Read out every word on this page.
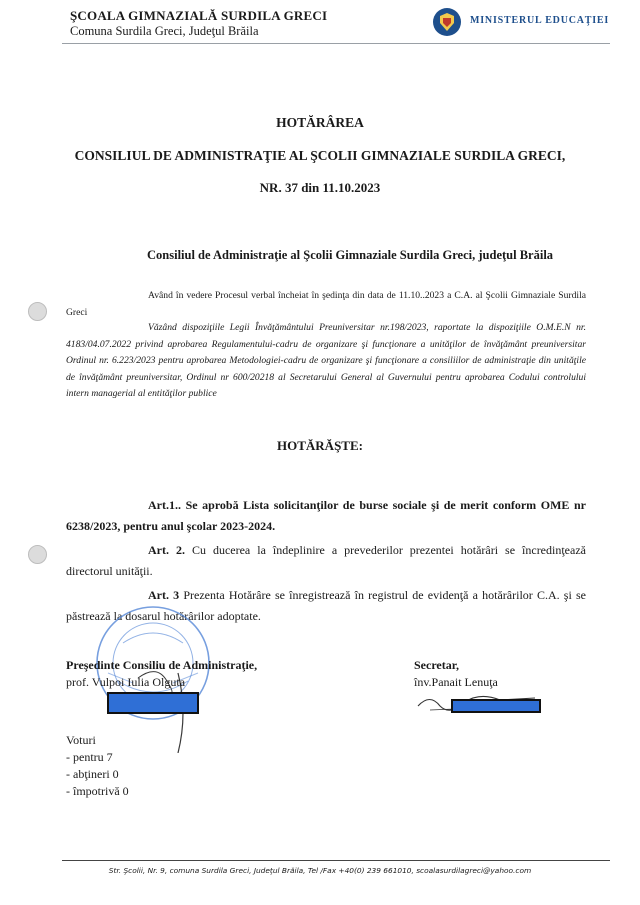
ŞCOALA GIMNAZIALĂ SURDILA GRECI
Comuna Surdila Greci, Judeţul Brăila
MINISTERUL EDUCAŢIEI
HOTĂRÂREA
CONSILIUL DE ADMINISTRAŢIE AL ŞCOLII GIMNAZIALE SURDILA GRECI,
NR. 37 din 11.10.2023
Consiliul de Administraţie al Şcolii Gimnaziale Surdila Greci, judeţul Brăila
Având în vedere Procesul verbal încheiat în şedinţa din data de 11.10..2023 a C.A. al Şcolii Gimnaziale Surdila Greci
Văzând dispoziţiile Legii Învăţământului Preuniversitar nr.198/2023, raportate la dispoziţiile O.M.E.N nr. 4183/04.07.2022 privind aprobarea Regulamentului-cadru de organizare şi funcţionare a unităţilor de învăţământ preuniversitar Ordinul nr. 6.223/2023 pentru aprobarea Metodologiei-cadru de organizare şi funcţionare a consiliilor de administraţie din unităţile de învăţământ preuniversitar, Ordinul nr 600/20218 al Secretarului General al Guvernului pentru aprobarea Codului controlului intern managerial al entităţilor publice
HOTĂRĂŞTE:
Art.1.. Se aprobă Lista solicitanţilor de burse sociale şi de merit conform OME nr 6238/2023, pentru anul şcolar 2023-2024.
Art. 2. Cu ducerea la îndeplinire a prevederilor prezentei hotărâri se încredinţează directorul unităţii.
Art. 3 Prezenta Hotărâre se înregistrează în registrul de evidenţă a hotărârilor C.A. şi se păstrează la dosarul hotărârilor adoptate.
Preşedinte Consiliu de Administraţie,
prof. Vulpoi Iulia Olguta
Secretar,
înv.Panait Lenuţa
Voturi
- pentru 7
- abţineri 0
- împotrivă 0
Str. Şcolii, Nr. 9, comuna Surdila Greci, Judeţul Brăila, Tel /Fax +40(0) 239 661010, scoalasurdilagreci@yahoo.com
